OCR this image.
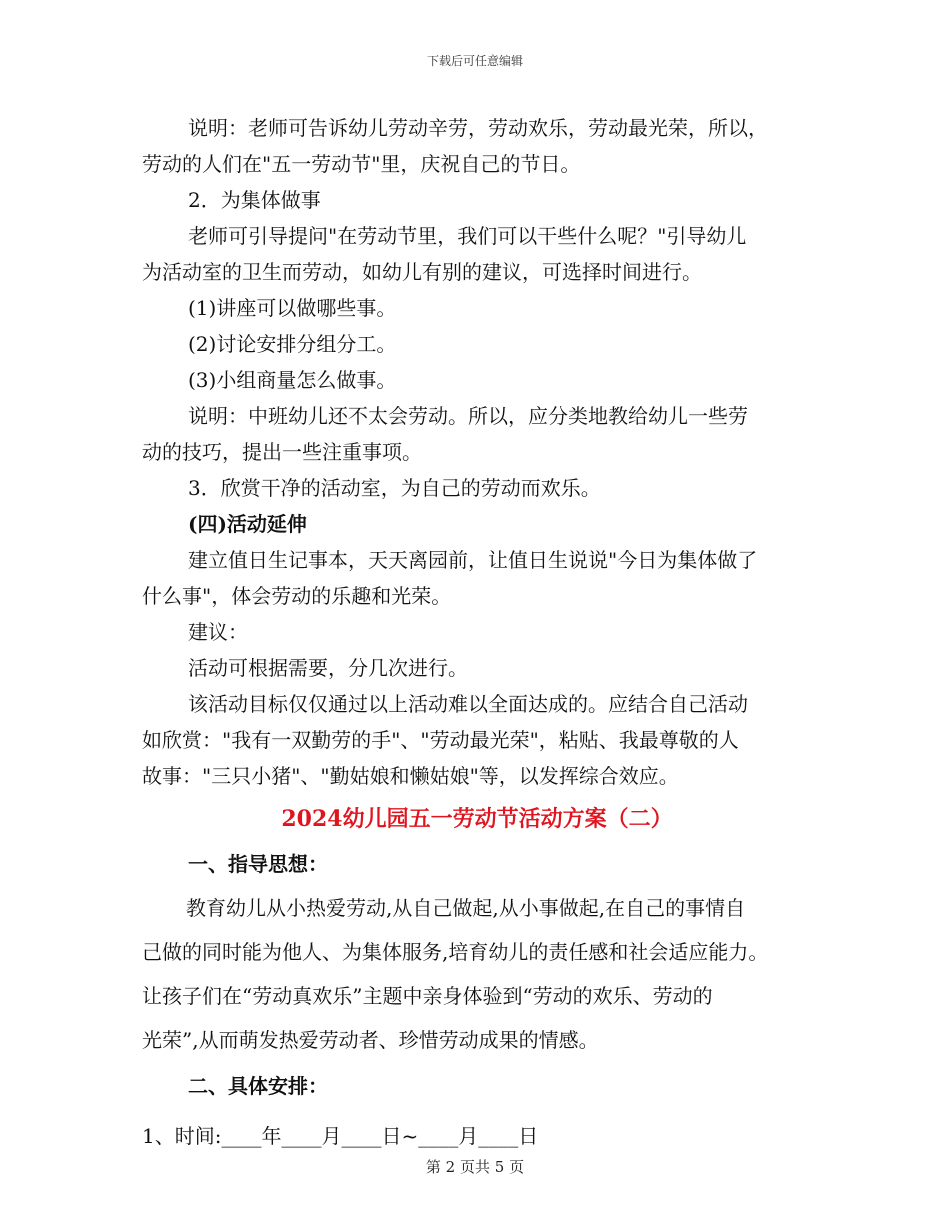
下载后可任意编辑
说明：老师可告诉幼儿劳动辛劳，劳动欢乐，劳动最光荣，所以，
劳动的人们在"五一劳动节"里，庆祝自己的节日。
2．为集体做事
老师可引导提问"在劳动节里，我们可以干些什么呢？"引导幼儿
为活动室的卫生而劳动，如幼儿有别的建议，可选择时间进行。
(1)讲座可以做哪些事。
(2)讨论安排分组分工。
(3)小组商量怎么做事。
说明：中班幼儿还不太会劳动。所以，应分类地教给幼儿一些劳
动的技巧，提出一些注重事项。
3．欣赏干净的活动室，为自己的劳动而欢乐。
(四)活动延伸
建立值日生记事本，天天离园前，让值日生说说"今日为集体做了
什么事"，体会劳动的乐趣和光荣。
建议：
活动可根据需要，分几次进行。
该活动目标仅仅通过以上活动难以全面达成的。应结合自己活动
如欣赏："我有一双勤劳的手"、"劳动最光荣"，粘贴、我最尊敬的人
故事："三只小猪"、"勤姑娘和懒姑娘"等，以发挥综合效应。
2024幼儿园五一劳动节活动方案（二）
一、指导思想：
教育幼儿从小热爱劳动,从自己做起,从小事做起,在自己的事情自
己做的同时能为他人、为集体服务,培育幼儿的责任感和社会适应能力。
让孩子们在“劳动真欢乐”主题中亲身体验到“劳动的欢乐、劳动的
光荣”,从而萌发热爱劳动者、珍惜劳动成果的情感。
二、具体安排：
1、时间:____年____月____日~____月____日
第 2 页共 5 页
